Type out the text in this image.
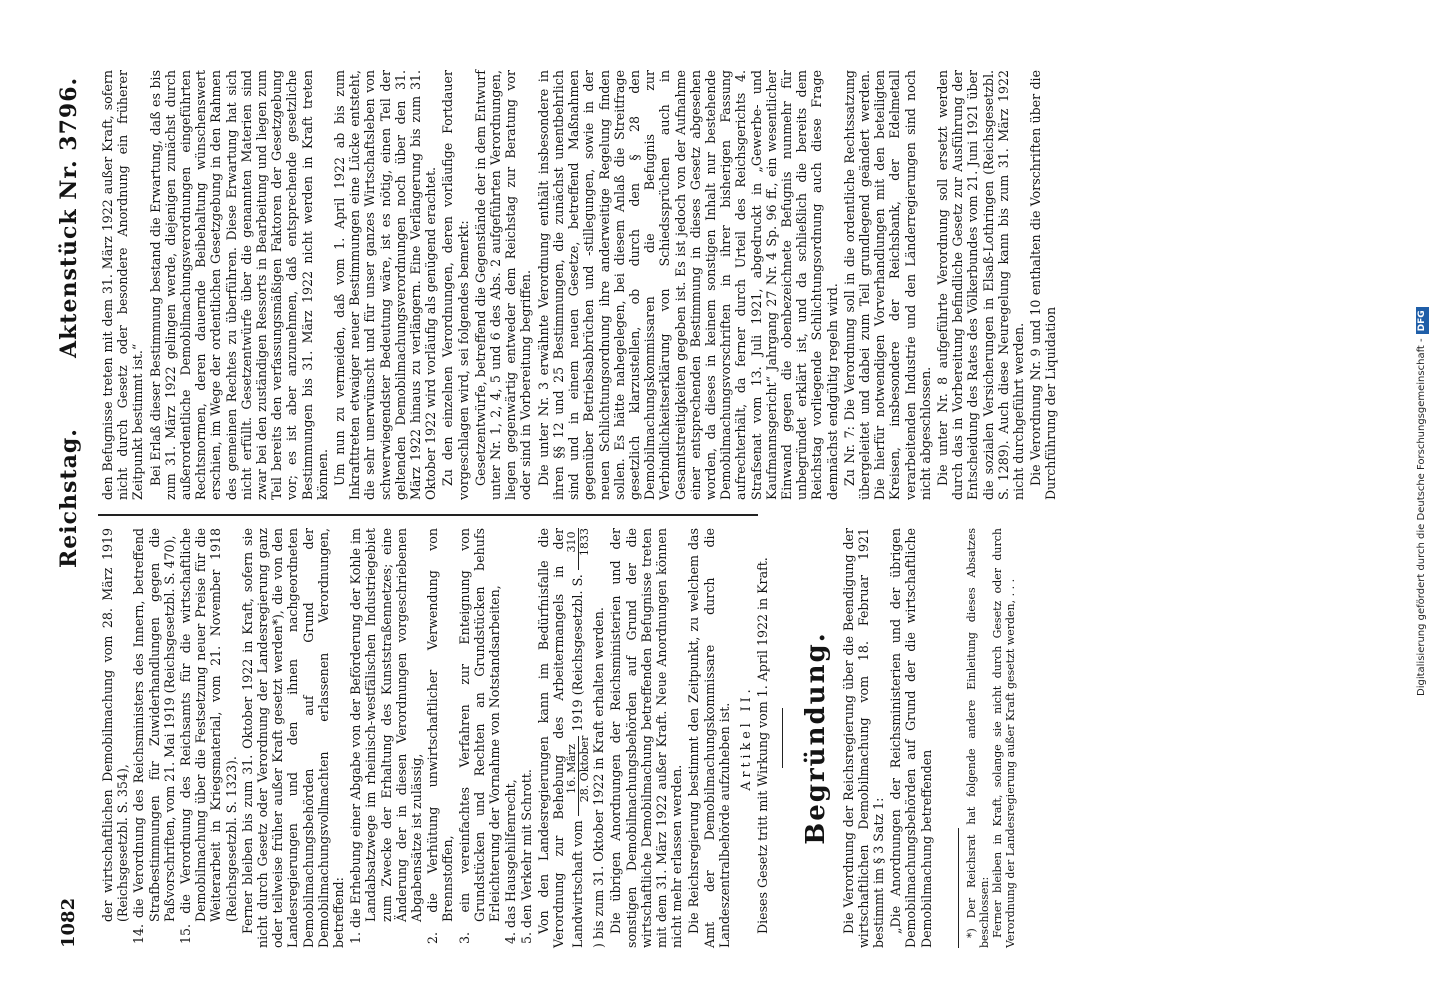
1082
Reichstag.
Aktenstück Nr. 3796.

der wirtschaftlichen Demobilmachung vom 28. März 1919 (Reichsgesetzbl. S. 354), 14. die Verordnung des Reichsministers des Innern, betreffend Strafbestimmungen für Zuwiderhandlungen gegen die Paßvorschriften, vom 21. Mai 1919 (Reichsgesetzbl. S. 470), 15. die Verordnung des Reichsamts für die wirtschaftliche Demobilmachung über die Festsetzung neuer Preise für die Weiterarbeit in Kriegsmaterial, vom 21. November 1918 (Reichsgesetzbl. S. 1323). Ferner bleiben bis zum 31. Oktober 1922 in Kraft, sofern sie nicht durch Gesetz oder Verordnung der Landesregierung ganz oder teilweise früher außer Kraft gesetzt werden*), die von den Landesregierungen und den ihnen nachgeordneten Demobilmachungsbehörden auf Grund der Demobilmachungsvollmachten erlassenen Verordnungen, betreffend: 1. die Erhebung einer Abgabe von der Beförderung der Kohle im Landabsatzwege im rheinisch-westfälischen Industriegebiet zum Zwecke der Erhaltung des Kunststraßennetzes; eine Änderung der in diesen Verordnungen vorgeschriebenen Abgabensätze ist zulässig, 2. die Verhütung unwirtschaftlicher Verwendung von Brennstoffen, 3. ein vereinfachtes Verfahren zur Enteignung von Grundstücken und Rechten an Grundstücken behufs Erleichterung der Vornahme von Notstandsarbeiten, 4. das Hausgehilfenrecht, 5. den Verkehr mit Schrott. Von den Landesregierungen kann im Bedürfnisfalle die Verordnung zur Behebung des Arbeitermangels in der Landwirtschaft vom
16. März 28. Oktober
1919 (Reichsgesetzbl. S.
310 1833
) bis zum 31. Oktober 1922 in Kraft erhalten werden. Die übrigen Anordnungen der Reichsministerien und der sonstigen Demobilmachungsbehörden auf Grund der die wirtschaftliche Demobilmachung betreffenden Befugnisse treten mit dem 31. März 1922 außer Kraft. Neue Anordnungen können nicht mehr erlassen werden. Die Reichsregierung bestimmt den Zeitpunkt, zu welchem das Amt der Demobilmachungskommissare durch die Landeszentralbehörde aufzuheben ist. Artikel II. Dieses Gesetz tritt mit Wirkung vom 1. April 1922 in Kraft. Begründung. Die Verordnung der Reichsregierung über die Beendigung der wirtschaftlichen Demobilmachung vom 18. Februar 1921 bestimmt im § 3 Satz 1: „Die Anordnungen der Reichsministerien und der übrigen Demobilmachungsbehörden auf Grund der die wirtschaftliche Demobilmachung betreffenden	*) Der Reichsrat hat folgende andere Einleitung dieses Absatzes beschlossen: Ferner bleiben in Kraft, solange sie nicht durch Gesetz oder durch Verordnung der Landesregierung außer Kraft gesetzt werden, . . .

den Befugnisse treten mit dem 31. März 1922 außer Kraft, sofern nicht durch Gesetz oder besondere Anordnung ein früherer Zeitpunkt bestimmt ist.“ Bei Erlaß dieser Bestimmung bestand die Erwartung, daß es bis zum 31. März 1922 gelingen werde, diejenigen zunächst durch außerordentliche Demobilmachungsverordnungen eingeführten Rechtsnormen, deren dauernde Beibehaltung wünschenswert erschien, im Wege der ordentlichen Gesetzgebung in den Rahmen des gemeinen Rechtes zu überführen. Diese Erwartung hat sich nicht erfüllt. Gesetzentwürfe über die genannten Materien sind zwar bei den zuständigen Ressorts in Bearbeitung und liegen zum Teil bereits den verfassungsmäßigen Faktoren der Gesetzgebung vor; es ist aber anzunehmen, daß entsprechende gesetzliche Bestimmungen bis 31. März 1922 nicht werden in Kraft treten können. Um nun zu vermeiden, daß vom 1. April 1922 ab bis zum Inkrafttreten etwaiger neuer Bestimmungen eine Lücke entsteht, die sehr unerwünscht und für unser ganzes Wirtschaftsleben von schwerwiegendster Bedeutung wäre, ist es nötig, einen Teil der geltenden Demobilmachungsverordnungen noch über den 31. März 1922 hinaus zu verlängern. Eine Verlängerung bis zum 31. Oktober 1922 wird vorläufig als genügend erachtet. Zu den einzelnen Verordnungen, deren vorläufige Fortdauer vorgeschlagen wird, sei folgendes bemerkt: Gesetzentwürfe, betreffend die Gegenstände der in dem Entwurf unter Nr. 1, 2, 4, 5 und 6 des Abs. 2 aufgeführten Verordnungen, liegen gegenwärtig entweder dem Reichstag zur Beratung vor oder sind in Vorbereitung begriffen. Die unter Nr. 3 erwähnte Verordnung enthält insbesondere in ihren §§ 12 und 25 Bestimmungen, die zunächst unentbehrlich sind und in einem neuen Gesetze, betreffend Maßnahmen gegenüber Betriebsabbrüchen und -stillegungen, sowie in der neuen Schlichtungsordnung ihre anderweitige Regelung finden sollen. Es hätte nahegelegen, bei diesem Anlaß die Streitfrage gesetzlich klarzustellen, ob durch den § 28 den Demobilmachungskommissaren die Befugnis zur Verbindlichkeitserklärung von Schiedssprüchen auch in Gesamtstreitigkeiten gegeben ist. Es ist jedoch von der Aufnahme einer entsprechenden Bestimmung in dieses Gesetz abgesehen worden, da dieses in keinem sonstigen Inhalt nur bestehende Demobilmachungsvorschriften in ihrer bisherigen Fassung aufrechterhält, da ferner durch Urteil des Reichsgerichts 4. Strafsenat vom 13. Juli 1921, abgedruckt in „Gewerbe- und Kaufmannsgericht“ Jahrgang 27 Nr. 4 Sp. 96 ff., ein wesentlicher Einwand gegen die obenbezeichnete Befugnis nunmehr für unbegründet erklärt ist, und da schließlich die bereits dem Reichstag vorliegende Schlichtungsordnung auch diese Frage demnächst endgültig regeln wird. Zu Nr. 7: Die Verordnung soll in die ordentliche Rechtssatzung übergeleitet und dabei zum Teil grundlegend geändert werden. Die hierfür notwendigen Vorverhandlungen mit den beteiligten Kreisen, insbesondere der Reichsbank, der Edelmetall verarbeitenden Industrie und den Länderregierungen sind noch nicht abgeschlossen. Die unter Nr. 8 aufgeführte Verordnung soll ersetzt werden durch das in Vorbereitung befindliche Gesetz zur Ausführung der Entscheidung des Rates des Völkerbundes vom 21. Juni 1921 über die sozialen Versicherungen in Elsaß-Lothringen (Reichsgesetzbl. S. 1289). Auch diese Neuregelung kann bis zum 31. März 1922 nicht durchgeführt werden. Die Verordnung Nr. 9 und 10 enthalten die Vorschriften über die Durchführung der Liquidation	Digitalisierung gefördert durch die Deutsche Forschungsgemeinschaft -DFG
